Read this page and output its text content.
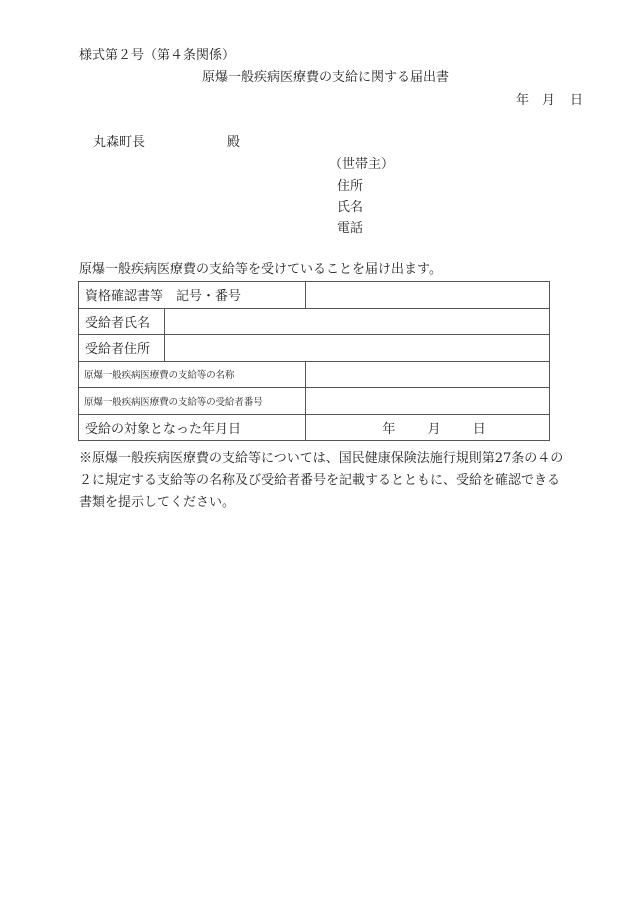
様式第２号（第４条関係）
原爆一般疾病医療費の支給に関する届出書
年 月 日
丸森町長	殿
（世帯主）
住所
氏名
電話
原爆一般疾病医療費の支給等を受けていることを届け出ます。
資格確認書等　記号・番号		
受給者氏名		
受給者住所		
原爆一般疾病医療費の支給等の名称		
原爆一般疾病医療費の支給等の受給者番号		
受給の対象となった年月日		年 月 日
※原爆一般疾病医療費の支給等については、国民健康保険法施行規則第27条の４の
２に規定する支給等の名称及び受給者番号を記載するとともに、受給を確認できる
書類を提示してください。
